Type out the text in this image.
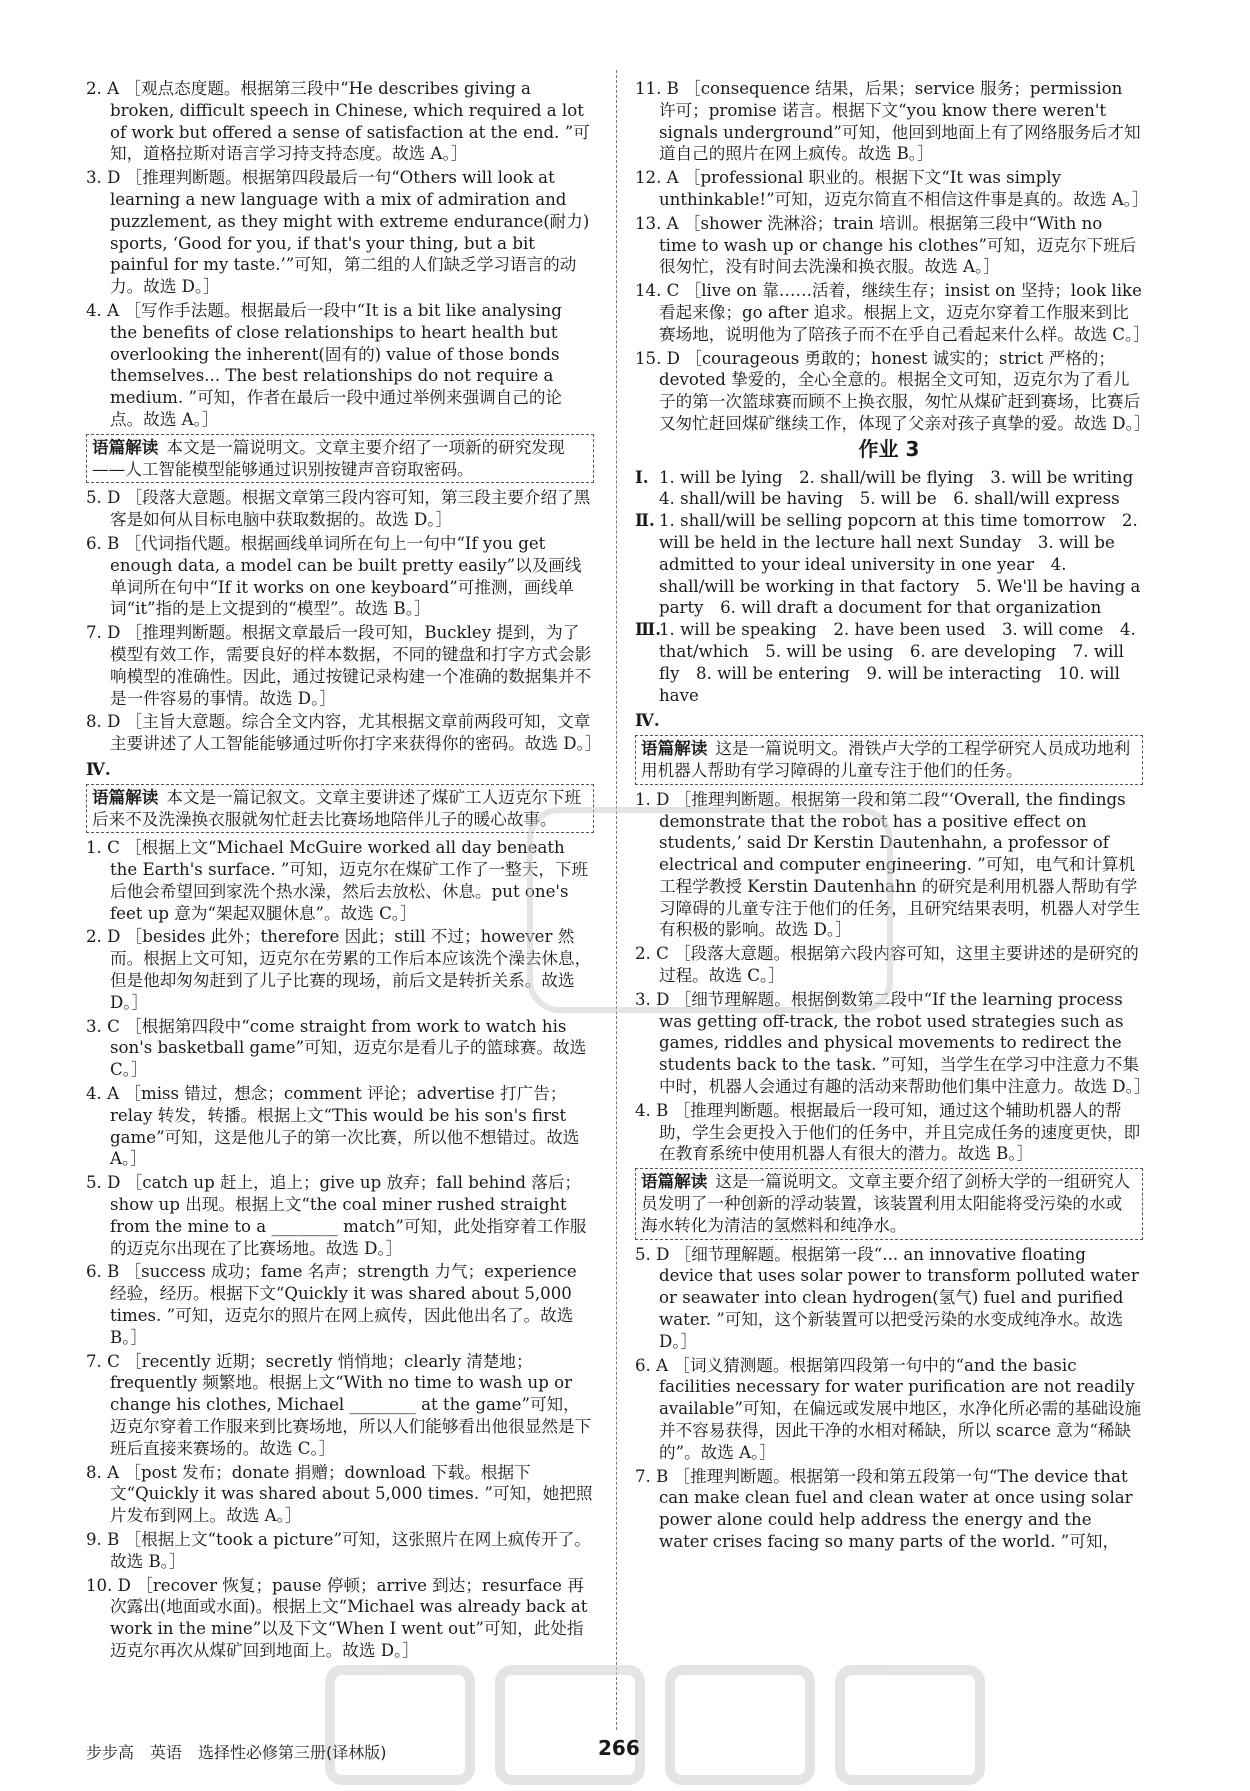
2. A ［观点态度题。根据第三段中“He describes giving a broken, difficult speech in Chinese, which required a lot of work but offered a sense of satisfaction at the end. ”可知，道格拉斯对语言学习持支持态度。故选 A。］
3. D ［推理判断题。根据第四段最后一句“Others will look at learning a new language with a mix of admiration and puzzlement, as they might with extreme endurance(耐力) sports, ‘Good for you, if that's your thing, but a bit painful for my taste.’”可知，第二组的人们缺乏学习语言的动力。故选 D。］
4. A ［写作手法题。根据最后一段中“It is a bit like analysing the benefits of close relationships to heart health but overlooking the inherent(固有的) value of those bonds themselves... The best relationships do not require a medium. ”可知，作者在最后一段中通过举例来强调自己的论点。故选 A。］
语篇解读 本文是一篇说明文。文章主要介绍了一项新的研究发现——人工智能模型能够通过识别按键声音窃取密码。
5. D ［段落大意题。根据文章第三段内容可知，第三段主要介绍了黑客是如何从目标电脑中获取数据的。故选 D。］
6. B ［代词指代题。根据画线单词所在句上一句中“If you get enough data, a model can be built pretty easily”以及画线单词所在句中“If it works on one keyboard”可推测，画线单词“it”指的是上文提到的“模型”。故选 B。］
7. D ［推理判断题。根据文章最后一段可知，Buckley 提到，为了模型有效工作，需要良好的样本数据，不同的键盘和打字方式会影响模型的准确性。因此，通过按键记录构建一个准确的数据集并不是一件容易的事情。故选 D。］
8. D ［主旨大意题。综合全文内容，尤其根据文章前两段可知，文章主要讲述了人工智能能够通过听你打字来获得你的密码。故选 D。］
Ⅳ.
语篇解读 本文是一篇记叙文。文章主要讲述了煤矿工人迈克尔下班后来不及洗澡换衣服就匆忙赶去比赛场地陪伴儿子的暖心故事。
1. C ［根据上文“Michael McGuire worked all day beneath the Earth's surface. ”可知，迈克尔在煤矿工作了一整天，下班后他会希望回到家洗个热水澡，然后去放松、休息。put one's feet up 意为“架起双腿休息”。故选 C。］
2. D ［besides 此外；therefore 因此；still 不过；however 然而。根据上文可知，迈克尔在劳累的工作后本应该洗个澡去休息，但是他却匆匆赶到了儿子比赛的现场，前后文是转折关系。故选 D。］
3. C ［根据第四段中“come straight from work to watch his son's basketball game”可知，迈克尔是看儿子的篮球赛。故选 C。］
4. A ［miss 错过，想念；comment 评论；advertise 打广告；relay 转发，转播。根据上文“This would be his son's first game”可知，这是他儿子的第一次比赛，所以他不想错过。故选 A。］
5. D ［catch up 赶上，追上；give up 放弃；fall behind 落后；show up 出现。根据上文“the coal miner rushed straight from the mine to a ________ match”可知，此处指穿着工作服的迈克尔出现在了比赛场地。故选 D。］
6. B ［success 成功；fame 名声；strength 力气；experience 经验，经历。根据下文“Quickly it was shared about 5,000 times. ”可知，迈克尔的照片在网上疯传，因此他出名了。故选 B。］
7. C ［recently 近期；secretly 悄悄地；clearly 清楚地；frequently 频繁地。根据上文“With no time to wash up or change his clothes, Michael ________ at the game”可知，迈克尔穿着工作服来到比赛场地，所以人们能够看出他很显然是下班后直接来赛场的。故选 C。］
8. A ［post 发布；donate 捐赠；download 下载。根据下文“Quickly it was shared about 5,000 times. ”可知，她把照片发布到网上。故选 A。］
9. B ［根据上文“took a picture”可知，这张照片在网上疯传开了。故选 B。］
10. D ［recover 恢复；pause 停顿；arrive 到达；resurface 再次露出(地面或水面)。根据上文“Michael was already back at work in the mine”以及下文“When I went out”可知，此处指迈克尔再次从煤矿回到地面上。故选 D。］
11. B ［consequence 结果，后果；service 服务；permission 许可；promise 诺言。根据下文“you know there weren't signals underground”可知，他回到地面上有了网络服务后才知道自己的照片在网上疯传。故选 B。］
12. A ［professional 职业的。根据下文“It was simply unthinkable!”可知，迈克尔简直不相信这件事是真的。故选 A。］
13. A ［shower 洗淋浴；train 培训。根据第三段中“With no time to wash up or change his clothes”可知，迈克尔下班后很匆忙，没有时间去洗澡和换衣服。故选 A。］
14. C ［live on 靠……活着，继续生存；insist on 坚持；look like 看起来像；go after 追求。根据上文，迈克尔穿着工作服来到比赛场地，说明他为了陪孩子而不在乎自己看起来什么样。故选 C。］
15. D ［courageous 勇敢的；honest 诚实的；strict 严格的；devoted 挚爱的，全心全意的。根据全文可知，迈克尔为了看儿子的第一次篮球赛而顾不上换衣服，匆忙从煤矿赶到赛场，比赛后又匆忙赶回煤矿继续工作，体现了父亲对孩子真挚的爱。故选 D。］
作业 3
Ⅰ. 1. will be lying　2. shall/will be flying　3. will be writing　4. shall/will be having　5. will be　6. shall/will express
Ⅱ. 1. shall/will be selling popcorn at this time tomorrow　2. will be held in the lecture hall next Sunday　3. will be admitted to your ideal university in one year　4. shall/will be working in that factory　5. We'll be having a party　6. will draft a document for that organization
Ⅲ.
1. will be speaking　2. have been used　3. will come　4. that/which　5. will be using　6. are developing　7. will fly　8. will be entering　9. will be interacting　10. will have
Ⅳ.
语篇解读 这是一篇说明文。滑铁卢大学的工程学研究人员成功地利用机器人帮助有学习障碍的儿童专注于他们的任务。
1. D ［推理判断题。根据第一段和第二段“‘Overall, the findings demonstrate that the robot has a positive effect on students,’ said Dr Kerstin Dautenhahn, a professor of electrical and computer engineering. ”可知，电气和计算机工程学教授 Kerstin Dautenhahn 的研究是利用机器人帮助有学习障碍的儿童专注于他们的任务，且研究结果表明，机器人对学生有积极的影响。故选 D。］
2. C ［段落大意题。根据第六段内容可知，这里主要讲述的是研究的过程。故选 C。］
3. D ［细节理解题。根据倒数第二段中“If the learning process was getting off-track, the robot used strategies such as games, riddles and physical movements to redirect the students back to the task. ”可知，当学生在学习中注意力不集中时，机器人会通过有趣的活动来帮助他们集中注意力。故选 D。］
4. B ［推理判断题。根据最后一段可知，通过这个辅助机器人的帮助，学生会更投入于他们的任务中，并且完成任务的速度更快，即在教育系统中使用机器人有很大的潜力。故选 B。］
语篇解读 这是一篇说明文。文章主要介绍了剑桥大学的一组研究人员发明了一种创新的浮动装置，该装置利用太阳能将受污染的水或海水转化为清洁的氢燃料和纯净水。
5. D ［细节理解题。根据第一段“... an innovative floating device that uses solar power to transform polluted water or seawater into clean hydrogen(氢气) fuel and purified water. ”可知，这个新装置可以把受污染的水变成纯净水。故选 D。］
6. A ［词义猜测题。根据第四段第一句中的“and the basic facilities necessary for water purification are not readily available”可知，在偏远或发展中地区，水净化所必需的基础设施并不容易获得，因此干净的水相对稀缺，所以 scarce 意为“稀缺的”。故选 A。］
7. B ［推理判断题。根据第一段和第五段第一句“The device that can make clean fuel and clean water at once using solar power alone could help address the energy and the water crises facing so many parts of the world. ”可知，
步步高　英语　选择性必修第三册(译林版)	266
